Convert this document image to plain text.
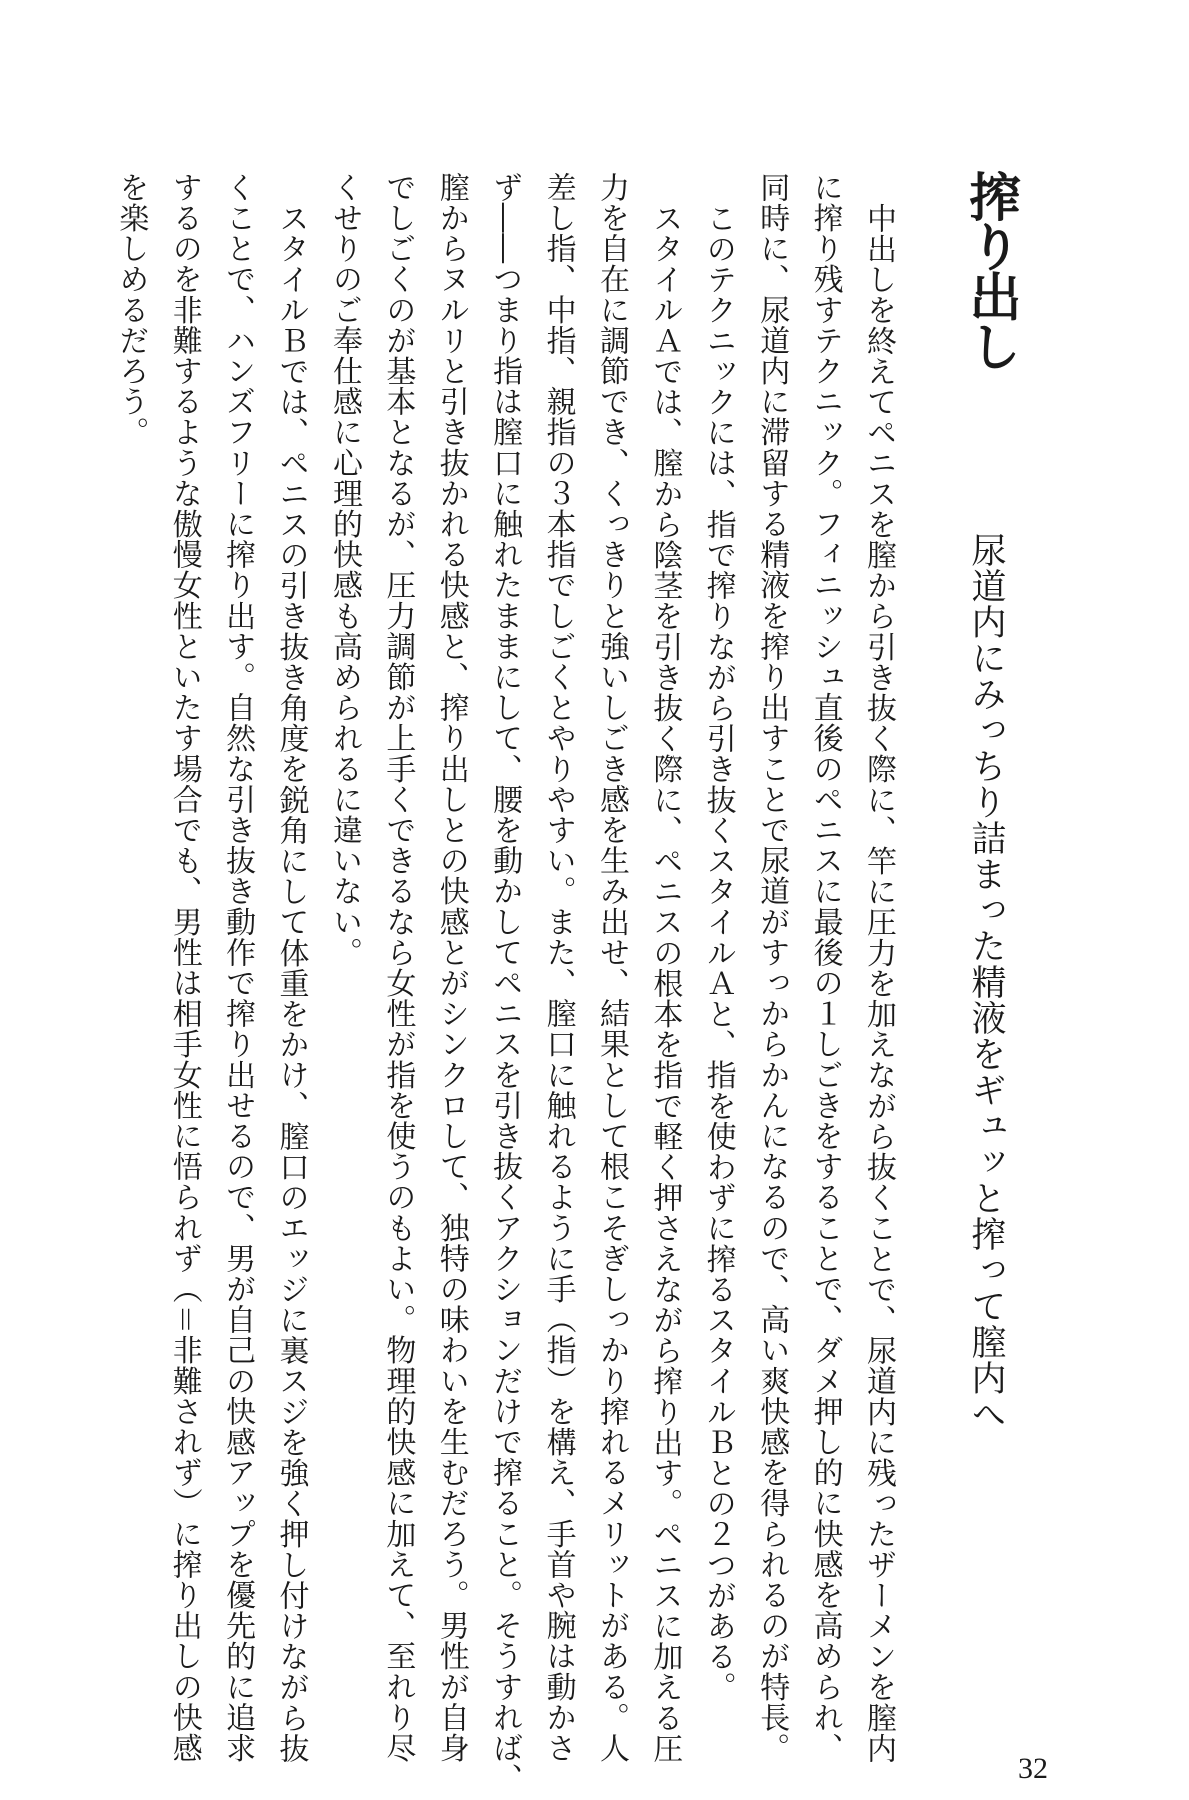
搾り出し
尿道内にみっちり詰まった精液をギュッと搾って膣内へ
中出しを終えてペニスを膣から引き抜く際に、竿に圧力を加えながら抜くことで、尿道内に残ったザーメンを膣内
に搾り残すテクニック。フィニッシュ直後のペニスに最後の１しごきをすることで、ダメ押し的に快感を高められ、
同時に、尿道内に滞留する精液を搾り出すことで尿道がすっからかんになるので、高い爽快感を得られるのが特長。
このテクニックには、指で搾りながら引き抜くスタイルＡと、指を使わずに搾るスタイルＢとの２つがある。
スタイルＡでは、膣から陰茎を引き抜く際に、ペニスの根本を指で軽く押さえながら搾り出す。ペニスに加える圧
力を自在に調節でき、くっきりと強いしごき感を生み出せ、結果として根こそぎしっかり搾れるメリットがある。人
差し指、中指、親指の３本指でしごくとやりやすい。また、膣口に触れるように手（指）を構え、手首や腕は動かさ
ず――つまり指は膣口に触れたままにして、腰を動かしてペニスを引き抜くアクションだけで搾ること。そうすれば、
膣からヌルリと引き抜かれる快感と、搾り出しとの快感とがシンクロして、独特の味わいを生むだろう。男性が自身
でしごくのが基本となるが、圧力調節が上手くできるなら女性が指を使うのもよい。物理的快感に加えて、至れり尽
くせりのご奉仕感に心理的快感も高められるに違いない。
スタイルＢでは、ペニスの引き抜き角度を鋭角にして体重をかけ、膣口のエッジに裏スジを強く押し付けながら抜
くことで、ハンズフリーに搾り出す。自然な引き抜き動作で搾り出せるので、男が自己の快感アップを優先的に追求
するのを非難するような傲慢女性といたす場合でも、男性は相手女性に悟られず（＝非難されず）に搾り出しの快感
を楽しめるだろう。
32
